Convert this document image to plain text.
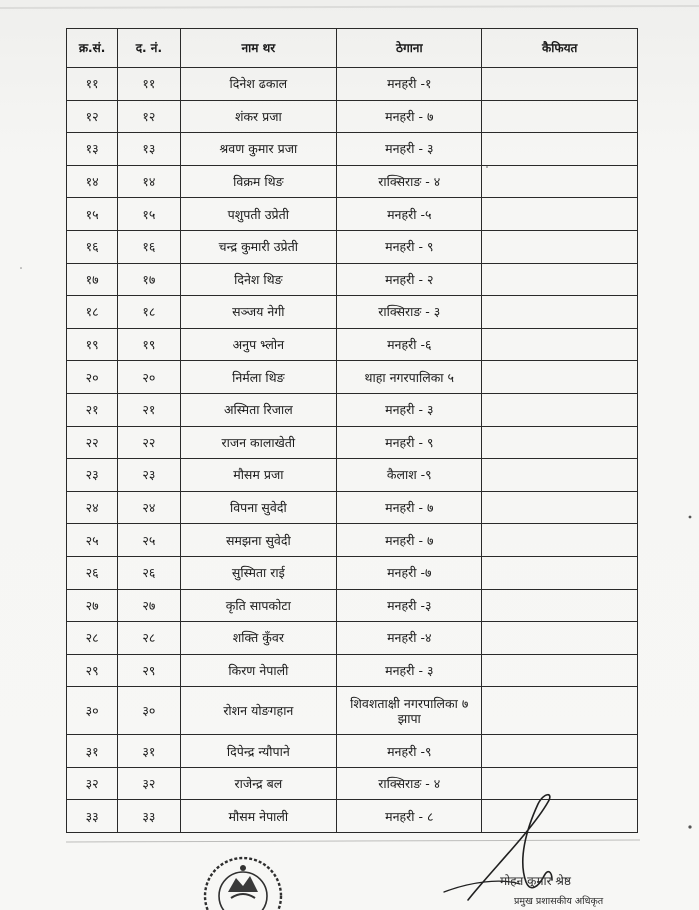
क्र.सं.	द. नं.	नाम थर	ठेगाना	कैफियत
११	११	दिनेश ढकाल	मनहरी -१	
१२	१२	शंकर प्रजा	मनहरी - ७	
१३	१३	श्रवण कुमार प्रजा	मनहरी - ३	
१४	१४	विक्रम थिङ	राक्सिराङ - ४	
१५	१५	पशुपती उप्रेती	मनहरी -५	
१६	१६	चन्द्र कुमारी उप्रेती	मनहरी - ९	
१७	१७	दिनेश थिङ	मनहरी - २	
१८	१८	सञ्जय नेगी	राक्सिराङ - ३	
१९	१९	अनुप भ्लोन	मनहरी -६	
२०	२०	निर्मला थिङ	थाहा नगरपालिका ५	
२१	२१	अस्मिता रिजाल	मनहरी - ३	
२२	२२	राजन कालाखेती	मनहरी - ९	
२३	२३	मौसम प्रजा	कैलाश -९	
२४	२४	विपना सुवेदी	मनहरी - ७	
२५	२५	समझना सुवेदी	मनहरी - ७	
२६	२६	सुस्मिता राई	मनहरी -७	
२७	२७	कृति सापकोटा	मनहरी -३	
२८	२८	शक्ति कुँवर	मनहरी -४	
२९	२९	किरण नेपाली	मनहरी - ३	
३०	३०	रोशन योङगहान	शिवशताक्षी नगरपालिका ७ झापा	
३१	३१	दिपेन्द्र न्यौपाने	मनहरी -९	
३२	३२	राजेन्द्र बल	राक्सिराङ - ४	
३३	३३	मौसम नेपाली	मनहरी - ८	
मोहन कुमार श्रेष्ठ
प्रमुख प्रशासकीय अधिकृत
